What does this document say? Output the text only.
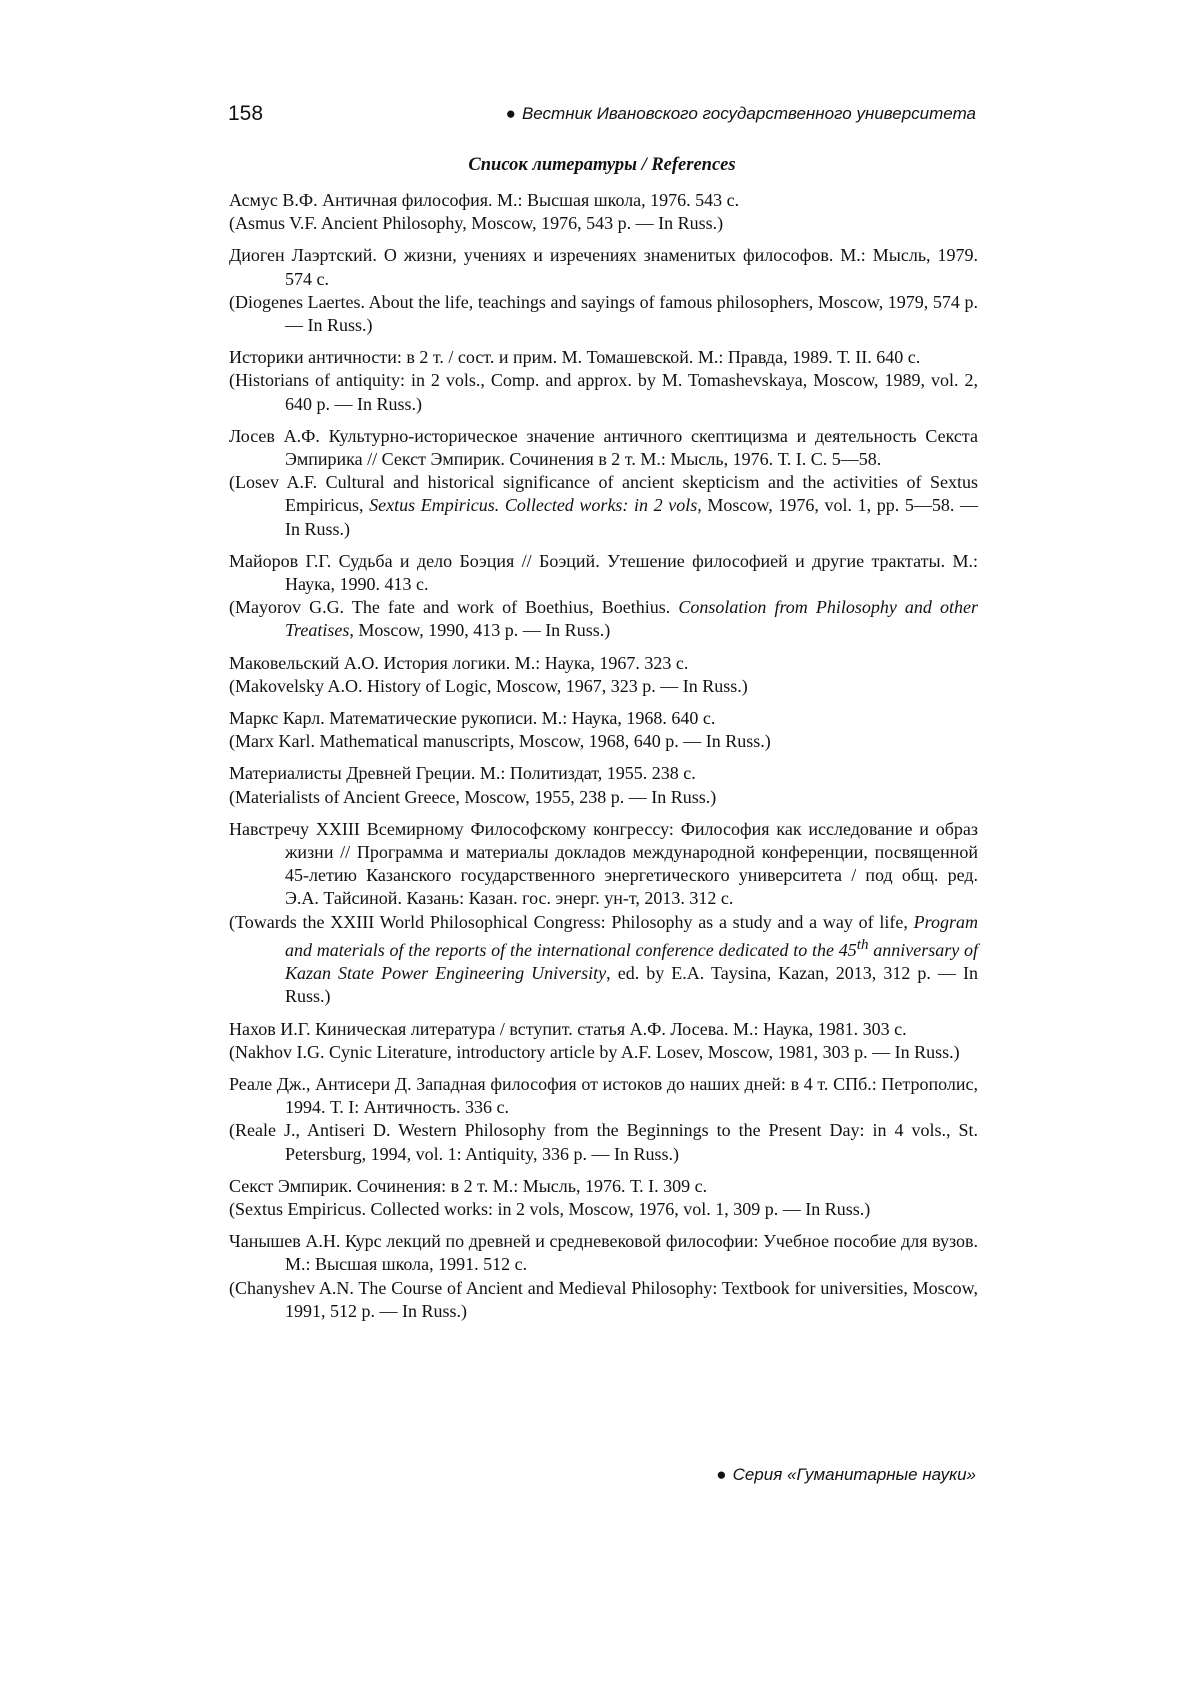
158	● Вестник Ивановского государственного университета
Список литературы / References
Асмус В.Ф. Античная философия. М.: Высшая школа, 1976. 543 с.
(Asmus V.F. Ancient Philosophy, Moscow, 1976, 543 p. — In Russ.)
Диоген Лаэртский. О жизни, учениях и изречениях знаменитых философов. М.: Мысль, 1979. 574 с.
(Diogenes Laertes. About the life, teachings and sayings of famous philosophers, Moscow, 1979, 574 p. — In Russ.)
Историки античности: в 2 т. / сост. и прим. М. Томашевской. М.: Правда, 1989. Т. II. 640 с.
(Historians of antiquity: in 2 vols., Comp. and approx. by M. Tomashevskaya, Moscow, 1989, vol. 2, 640 p. — In Russ.)
Лосев А.Ф. Культурно-историческое значение античного скептицизма и деятельность Секста Эмпирика // Секст Эмпирик. Сочинения в 2 т. М.: Мысль, 1976. Т. I. С. 5—58.
(Losev A.F. Cultural and historical significance of ancient skepticism and the activities of Sextus Empiricus, Sextus Empiricus. Collected works: in 2 vols, Moscow, 1976, vol. 1, pp. 5—58. — In Russ.)
Майоров Г.Г. Судьба и дело Боэция // Боэций. Утешение философией и другие трактаты. М.: Наука, 1990. 413 с.
(Mayorov G.G. The fate and work of Boethius, Boethius. Consolation from Philosophy and other Treatises, Moscow, 1990, 413 p. — In Russ.)
Маковельский А.О. История логики. М.: Наука, 1967. 323 с.
(Makovelsky A.O. History of Logic, Moscow, 1967, 323 p. — In Russ.)
Маркс Карл. Математические рукописи. М.: Наука, 1968. 640 с.
(Marx Karl. Mathematical manuscripts, Moscow, 1968, 640 p. — In Russ.)
Материалисты Древней Греции. М.: Политиздат, 1955. 238 с.
(Materialists of Ancient Greece, Moscow, 1955, 238 p. — In Russ.)
Навстречу XXIII Всемирному Философскому конгрессу: Философия как исследование и образ жизни // Программа и материалы докладов международной конференции, посвященной 45-летию Казанского государственного энергетического университета / под общ. ред. Э.А. Тайсиной. Казань: Казан. гос. энерг. ун-т, 2013. 312 с.
(Towards the XXIII World Philosophical Congress: Philosophy as a study and a way of life, Program and materials of the reports of the international conference dedicated to the 45th anniversary of Kazan State Power Engineering University, ed. by E.A. Taysina, Kazan, 2013, 312 p. — In Russ.)
Нахов И.Г. Киническая литература / вступит. статья А.Ф. Лосева. М.: Наука, 1981. 303 с.
(Nakhov I.G. Cynic Literature, introductory article by A.F. Losev, Moscow, 1981, 303 p. — In Russ.)
Реале Дж., Антисери Д. Западная философия от истоков до наших дней: в 4 т. СПб.: Петрополис, 1994. Т. I: Античность. 336 с.
(Reale J., Antiseri D. Western Philosophy from the Beginnings to the Present Day: in 4 vols., St. Petersburg, 1994, vol. 1: Antiquity, 336 p. — In Russ.)
Секст Эмпирик. Сочинения: в 2 т. М.: Мысль, 1976. Т. I. 309 с.
(Sextus Empiricus. Collected works: in 2 vols, Moscow, 1976, vol. 1, 309 p. — In Russ.)
Чанышев А.Н. Курс лекций по древней и средневековой философии: Учебное пособие для вузов. М.: Высшая школа, 1991. 512 с.
(Chanyshev A.N. The Course of Ancient and Medieval Philosophy: Textbook for universities, Moscow, 1991, 512 p. — In Russ.)
● Серия «Гуманитарные науки»
